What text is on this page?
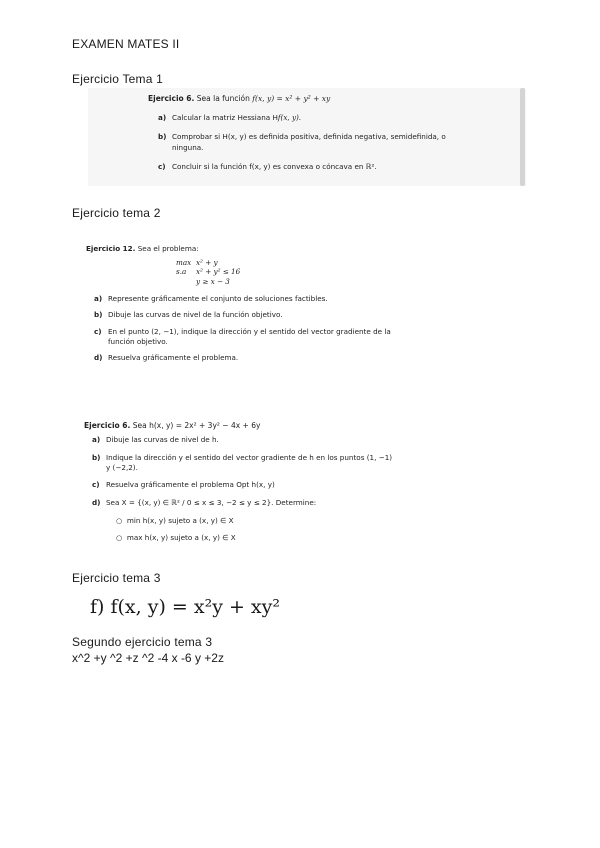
EXAMEN MATES II
Ejercicio Tema 1
Ejercicio 6. Sea la función f(x, y) = x² + y² + xy
a) Calcular la matriz Hessiana Hf(x, y).
b) Comprobar si H(x, y) es definida positiva, definida negativa, semidefinida, o
ninguna.
c) Concluir si la función f(x, y) es convexa o cóncava en ℝ².
Ejercicio tema 2
Ejercicio 12. Sea el problema:
max x² + y
s.a x² + y² ≤ 16
y ≥ x − 3
a) Represente gráficamente el conjunto de soluciones factibles.
b) Dibuje las curvas de nivel de la función objetivo.
c) En el punto (2, −1), indique la dirección y el sentido del vector gradiente de la
función objetivo.
d) Resuelva gráficamente el problema.
Ejercicio 6. Sea h(x, y) = 2x² + 3y² − 4x + 6y
a) Dibuje las curvas de nivel de h.
b) Indique la dirección y el sentido del vector gradiente de h en los puntos (1, −1)
y (−2,2).
c) Resuelva gráficamente el problema Opt h(x, y)
d) Sea X = {(x, y) ∈ ℝ² / 0 ≤ x ≤ 3, −2 ≤ y ≤ 2}. Determine:
○ min h(x, y) sujeto a (x, y) ∈ X
○ max h(x, y) sujeto a (x, y) ∈ X
Ejercicio tema 3
f) f(x, y) = x²y + xy²
Segundo ejercicio tema 3
x^2 +y ^2 +z ^2 -4 x -6 y +2z
